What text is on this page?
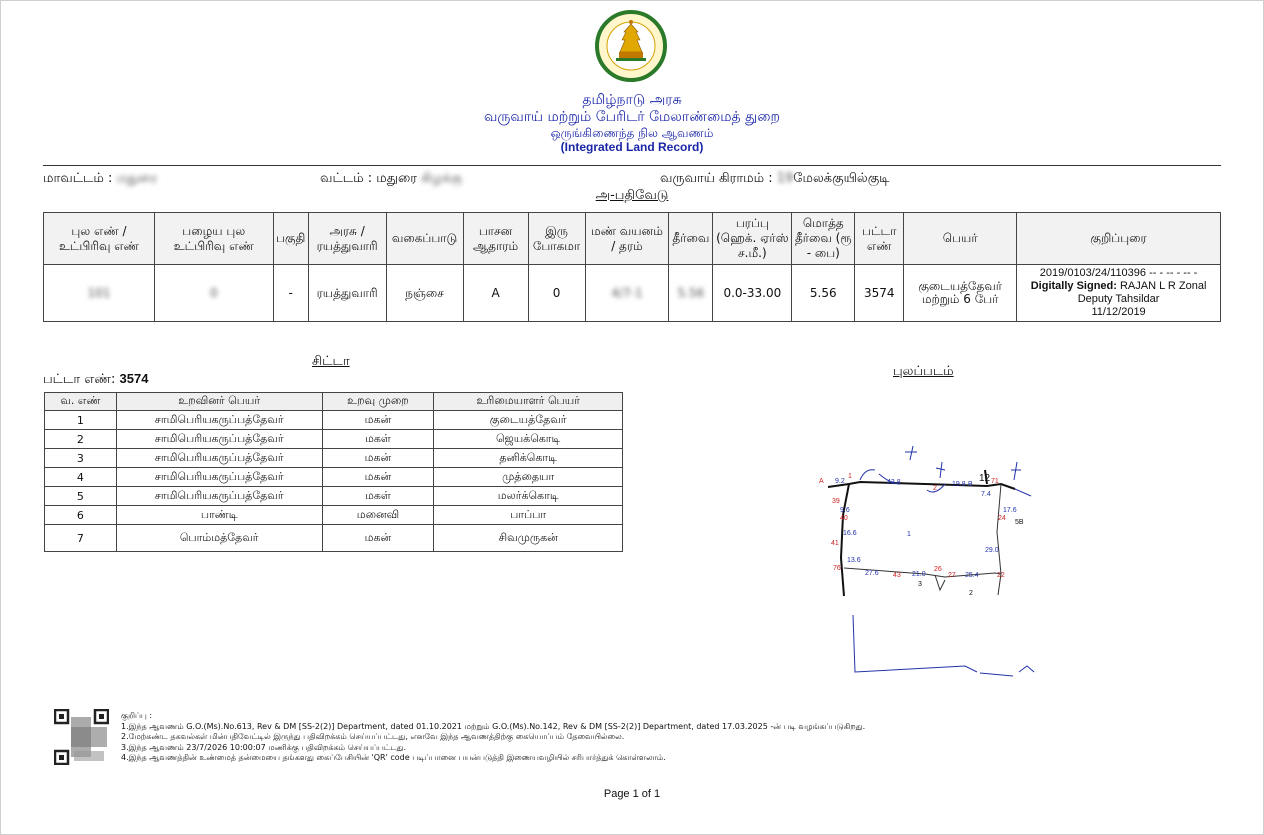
தமிழ்நாடு அரசு
வருவாய் மற்றும் பேரிடர் மேலாண்மைத் துறை
ஒருங்கிணைந்த நில ஆவணம்
(Integrated Land Record)
மாவட்டம் : மதுரை	வட்டம் : மதுரை கிழக்கு	வருவாய் கிராமம் : 19மேலக்குயில்குடி
அ-பதிவேடு
புல எண் / உட்பிரிவு எண்	பழைய புல உட்பிரிவு எண்	பகுதி	அரசு / ரயத்துவாரி	வகைப்பாடு	பாசன ஆதாரம்	இரு போகமா	மண் வயனம் / தரம்	தீர்வை	பரப்பு (ஹெக். ஏர்ஸ் ச.மீ.)	மொத்த தீர்வை (ரூ - பை)	பட்டா எண்	பெயர்	குறிப்புரை
101	0	-	ரயத்துவாரி	நஞ்சை	A	0	4/7-1	5.56	0.0-33.00	5.56	3574	குடையத்தேவர் மற்றும் 6 பேர்	2019/0103/24/110396 -- - -- - -- -
Digitally Signed: RAJAN L R Zonal
Deputy Tahsildar
11/12/2019
சிட்டா
பட்டா எண்: 3574
வ. எண்	உறவினர் பெயர்	உறவு முறை	உரிமையாளர் பெயர்
1	சாமிபெரியகருப்பத்தேவர்	மகன்	குடையத்தேவர்
2	சாமிபெரியகருப்பத்தேவர்	மகள்	ஜெயக்கொடி
3	சாமிபெரியகருப்பத்தேவர்	மகன்	தனிக்கொடி
4	சாமிபெரியகருப்பத்தேவர்	மகன்	முத்தையா
5	சாமிபெரியகருப்பத்தேவர்	மகள்	மலர்க்கொடி
6	பாண்டி	மனைவி	பாப்பா
7	பொம்மத்தேவர்	மகன்	சிவமுருகன்
புலப்படம்
A 9.2
1
43.8
2
19.8 B
12 71
7.4
17.6
24
5B
39
9.6
40
16.6
41
1
29.0
76
13.6
27.6 43 21.0
26
27 25.4	22
3
2
குறிப்பு :
1.இந்த ஆவணம் G.O.(Ms).No.613, Rev & DM [SS-2(2)] Department, dated 01.10.2021 மற்றும் G.O.(Ms).No.142, Rev & DM [SS-2(2)] Department, dated 17.03.2025 -ன் படி வழங்கப்படுகிறது.
2.மேற்கண்ட தகவல்கள் மின்பதிவேட்டில் இருந்து பதிவிறக்கம் செய்யப்பட்டது, எனவே இந்த ஆவணத்திற்கு கையொப்பம் தேவையில்லை.
3.இந்த ஆவணம் 23/7/2026 10:00:07 மணிக்கு பதிவிறக்கம் செய்யப்பட்டது.
4.இந்த ஆவணத்தின் உண்மைத் தன்மையை தங்களது கைப்பேசியின் 'QR' code படிப்பானை பயன்படுத்தி இணையவழியில் சரிபார்த்துக் கொள்ளலாம்.
Page 1 of 1
